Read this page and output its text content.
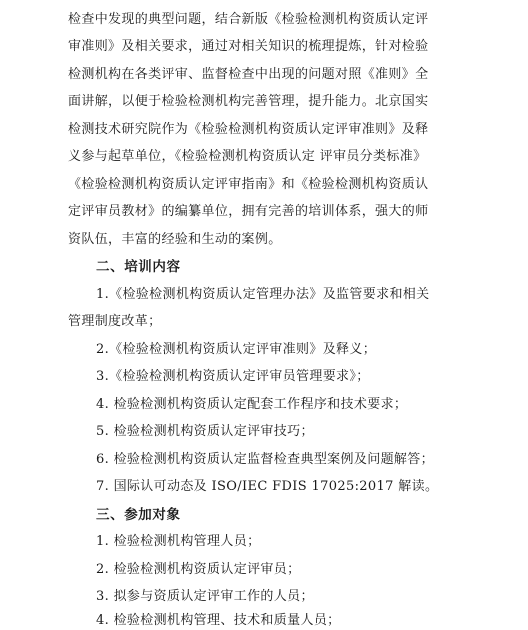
检查中发现的典型问题，结合新版《检验检测机构资质认定评
审准则》及相关要求，通过对相关知识的梳理提炼，针对检验
检测机构在各类评审、监督检查中出现的问题对照《准则》全
面讲解，以便于检验检测机构完善管理，提升能力。北京国实
检测技术研究院作为《检验检测机构资质认定评审准则》及释
义参与起草单位，《检验检测机构资质认定 评审员分类标准》
《检验检测机构资质认定评审指南》和《检验检测机构资质认
定评审员教材》的编纂单位，拥有完善的培训体系，强大的师
资队伍，丰富的经验和生动的案例。
二、培训内容
1.《检验检测机构资质认定管理办法》及监管要求和相关
管理制度改革；
2.《检验检测机构资质认定评审准则》及释义；
3.《检验检测机构资质认定评审员管理要求》；
4. 检验检测机构资质认定配套工作程序和技术要求；
5. 检验检测机构资质认定评审技巧；
6. 检验检测机构资质认定监督检查典型案例及问题解答；
7. 国际认可动态及 ISO/IEC FDIS 17025:2017 解读。
三、参加对象
1. 检验检测机构管理人员；
2. 检验检测机构资质认定评审员；
3. 拟参与资质认定评审工作的人员；
4. 检验检测机构管理、技术和质量人员；
